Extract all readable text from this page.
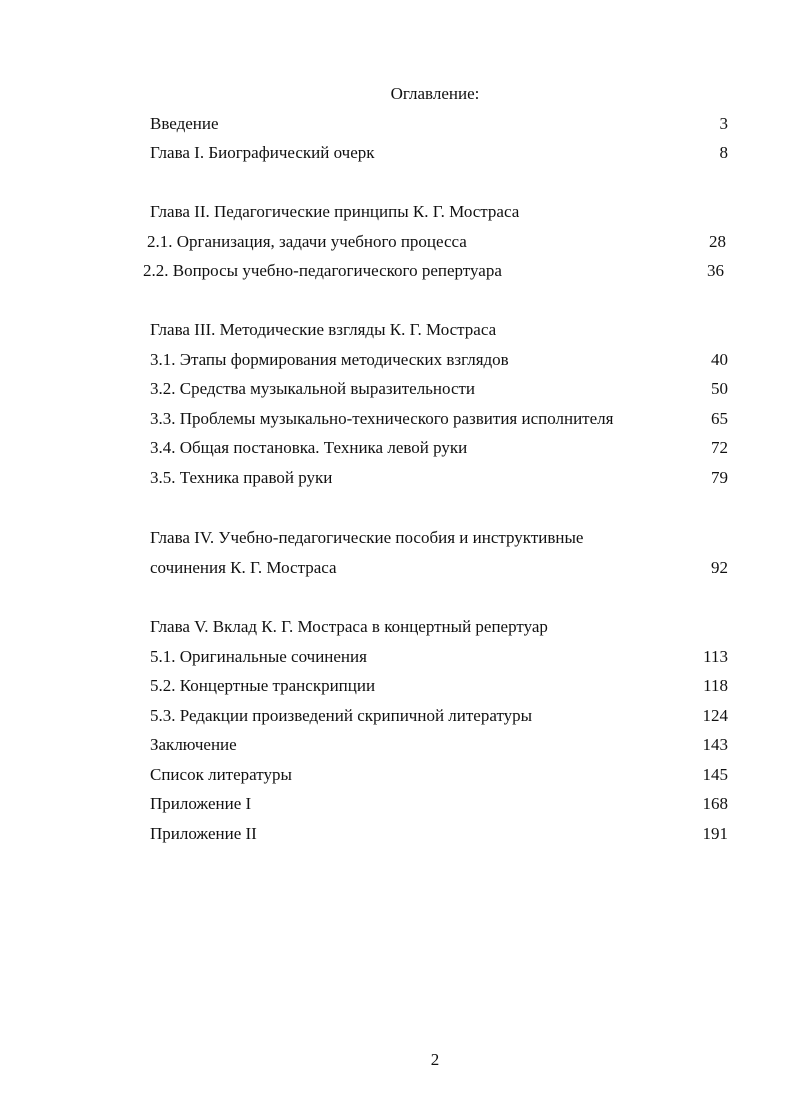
Оглавление:
Введение	3
Глава I. Биографический очерк	8
Глава II. Педагогические принципы К. Г. Мостраса
2.1. Организация, задачи учебного процесса	28
2.2. Вопросы учебно-педагогического репертуара	36
Глава III. Методические взгляды К. Г. Мостраса
3.1. Этапы формирования методических взглядов	40
3.2. Средства музыкальной выразительности	50
3.3. Проблемы музыкально-технического развития исполнителя	65
3.4. Общая постановка. Техника левой руки	72
3.5. Техника правой руки	79
Глава IV. Учебно-педагогические пособия и инструктивные
сочинения К. Г. Мостраса	92
Глава V. Вклад К. Г. Мостраса в концертный репертуар
5.1. Оригинальные сочинения	113
5.2. Концертные транскрипции	118
5.3. Редакции произведений скрипичной литературы	124
Заключение	143
Список литературы	145
Приложение I	168
Приложение II	191
2
